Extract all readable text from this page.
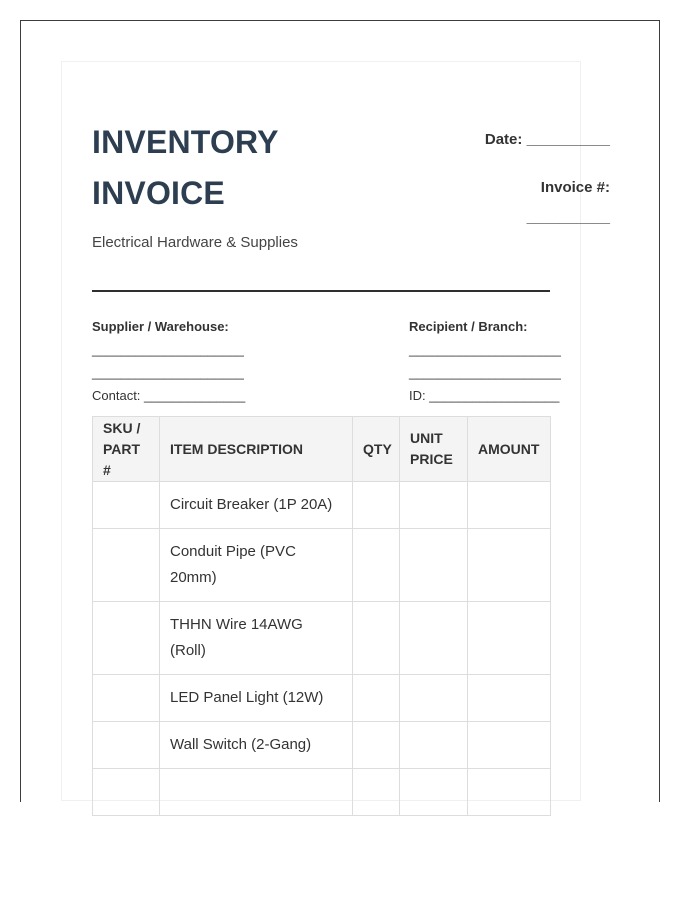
INVENTORY
INVOICE
Date: __________
Invoice #:
__________
Electrical Hardware & Supplies
Supplier / Warehouse:
_____________________
_____________________
Contact: ______________
Recipient / Branch:
_____________________
_____________________
ID: __________________
SKU / PART #	ITEM DESCRIPTION	QTY	UNIT PRICE	AMOUNT
	Circuit Breaker (1P 20A)			
	Conduit Pipe (PVC 20mm)			
	THHN Wire 14AWG (Roll)			
	LED Panel Light (12W)			
	Wall Switch (2-Gang)			
